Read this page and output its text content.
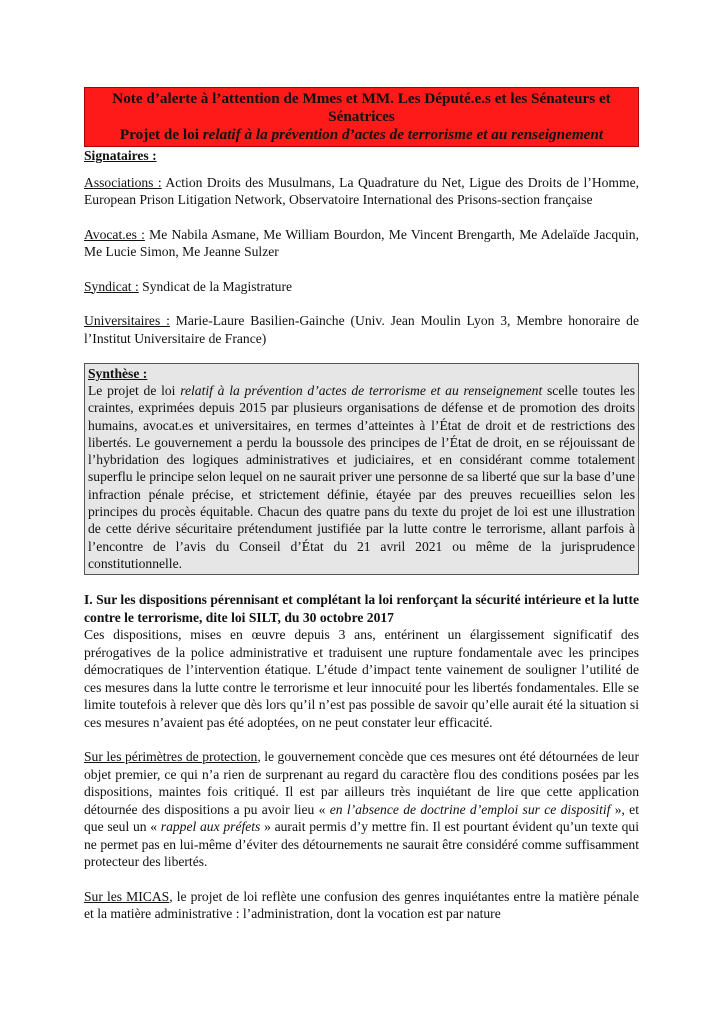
Note d’alerte à l’attention de Mmes et MM. Les Député.e.s et les Sénateurs et Sénatrices
Projet de loi relatif à la prévention d’actes de terrorisme et au renseignement
Signataires :

Associations : Action Droits des Musulmans, La Quadrature du Net, Ligue des Droits de l’Homme, European Prison Litigation Network, Observatoire International des Prisons-section française

Avocat.es : Me Nabila Asmane, Me William Bourdon, Me Vincent Brengarth, Me Adelaïde Jacquin, Me Lucie Simon, Me Jeanne Sulzer

Syndicat : Syndicat de la Magistrature

Universitaires : Marie-Laure Basilien-Gainche (Univ. Jean Moulin Lyon 3, Membre honoraire de l’Institut Universitaire de France)

Synthèse :

Le projet de loi relatif à la prévention d’actes de terrorisme et au renseignement scelle toutes les craintes, exprimées depuis 2015 par plusieurs organisations de défense et de promotion des droits humains, avocat.es et universitaires, en termes d’atteintes à l’État de droit et de restrictions des libertés. Le gouvernement a perdu la boussole des principes de l’État de droit, en se réjouissant de l’hybridation des logiques administratives et judiciaires, et en considérant comme totalement superflu le principe selon lequel on ne saurait priver une personne de sa liberté que sur la base d’une infraction pénale précise, et strictement définie, étayée par des preuves recueillies selon les principes du procès équitable. Chacun des quatre pans du texte du projet de loi est une illustration de cette dérive sécuritaire prétendument justifiée par la lutte contre le terrorisme, allant parfois à l’encontre de l’avis du Conseil d’État du 21 avril 2021 ou même de la jurisprudence constitutionnelle.

I. Sur les dispositions pérennisant et complétant la loi renforçant la sécurité intérieure et la lutte contre le terrorisme, dite loi SILT, du 30 octobre 2017

Ces dispositions, mises en œuvre depuis 3 ans, entérinent un élargissement significatif des prérogatives de la police administrative et traduisent une rupture fondamentale avec les principes démocratiques de l’intervention étatique. L’étude d’impact tente vainement de souligner l’utilité de ces mesures dans la lutte contre le terrorisme et leur innocuité pour les libertés fondamentales. Elle se limite toutefois à relever que dès lors qu’il n’est pas possible de savoir qu’elle aurait été la situation si ces mesures n’avaient pas été adoptées, on ne peut constater leur efficacité.

Sur les périmètres de protection, le gouvernement concède que ces mesures ont été détournées de leur objet premier, ce qui n’a rien de surprenant au regard du caractère flou des conditions posées par les dispositions, maintes fois critiqué. Il est par ailleurs très inquiétant de lire que cette application détournée des dispositions a pu avoir lieu « en l’absence de doctrine d’emploi sur ce dispositif », et que seul un « rappel aux préfets » aurait permis d’y mettre fin. Il est pourtant évident qu’un texte qui ne permet pas en lui-même d’éviter des détournements ne saurait être considéré comme suffisamment protecteur des libertés.

Sur les MICAS, le projet de loi reflète une confusion des genres inquiétantes entre la matière pénale et la matière administrative : l’administration, dont la vocation est par nature
